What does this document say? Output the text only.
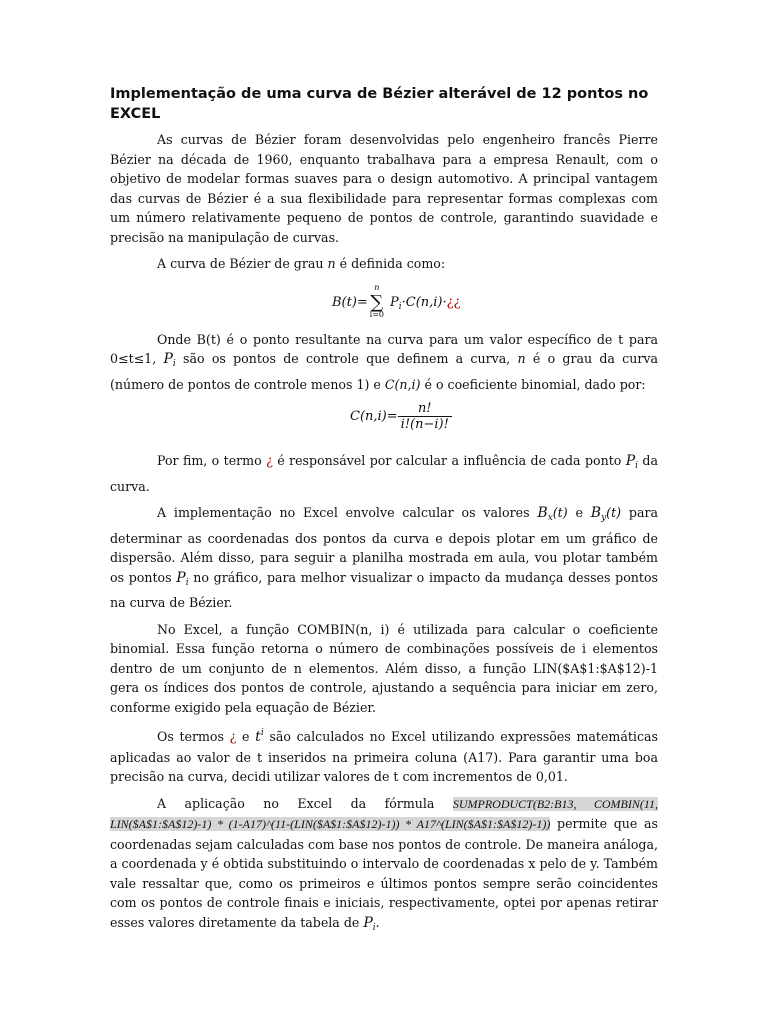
Implementação de uma curva de Bézier alterável de 12 pontos no EXCEL

As curvas de Bézier foram desenvolvidas pelo engenheiro francês Pierre Bézier na década de 1960, enquanto trabalhava para a empresa Renault, com o objetivo de modelar formas suaves para o design automotivo. A principal vantagem das curvas de Bézier é a sua flexibilidade para representar formas complexas com um número relativamente pequeno de pontos de controle, garantindo suavidade e precisão na manipulação de curvas.

A curva de Bézier de grau n é definida como:

B(t)=
n
∑
i=0
$P_i\cdot C(n,i)\cdot¿¿$

Onde B(t) é o ponto resultante na curva para um valor específico de t para 0≤t≤1, $P_i$ são os pontos de controle que definem a curva, n é o grau da curva (número de pontos de controle menos 1) e C(n,i) é o coeficiente binomial, dado por:

$C(n,i)= \frac{n!}{i!(n-i)!}$

Por fim, o termo ¿ é responsável por calcular a influência de cada ponto $P_i$ da curva.

A implementação no Excel envolve calcular os valores $B_x(t)$ e $B_y(t)$ para determinar as coordenadas dos pontos da curva e depois plotar em um gráfico de dispersão. Além disso, para seguir a planilha mostrada em aula, vou plotar também os pontos $P_i$ no gráfico, para melhor visualizar o impacto da mudança desses pontos na curva de Bézier.

No Excel, a função COMBIN(n, i) é utilizada para calcular o coeficiente binomial. Essa função retorna o número de combinações possíveis de i elementos dentro de um conjunto de n elementos. Além disso, a função LIN($A$1:$A$12)-1 gera os índices dos pontos de controle, ajustando a sequência para iniciar em zero, conforme exigido pela equação de Bézier.

Os termos ¿ e $t^i$ são calculados no Excel utilizando expressões matemáticas aplicadas ao valor de t inseridos na primeira coluna (A17). Para garantir uma boa precisão na curva, decidi utilizar valores de t com incrementos de 0,01.

A aplicação no Excel da fórmula SUMPRODUCT(B2:B13, COMBIN(11, LIN($A$1:$A$12)-1) * (1-A17)^(11-(LIN($A$1:$A$12)-1)) * A17^(LIN($A$1:$A$12)-1)) permite que as coordenadas sejam calculadas com base nos pontos de controle. De maneira análoga, a coordenada y é obtida substituindo o intervalo de coordenadas x pelo de y. Também vale ressaltar que, como os primeiros e últimos pontos sempre serão coincidentes com os pontos de controle finais e iniciais, respectivamente, optei por apenas retirar esses valores diretamente da tabela de $P_i$.
